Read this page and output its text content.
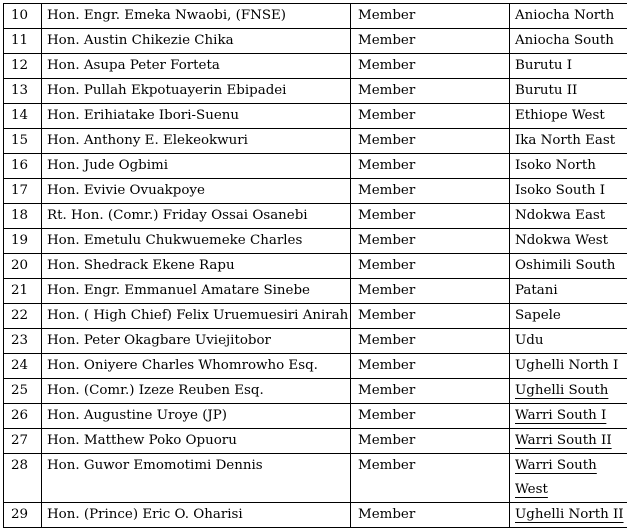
10	Hon. Engr. Emeka Nwaobi, (FNSE)	Member	Aniocha North
11	Hon. Austin Chikezie Chika	Member	Aniocha South
12	Hon. Asupa Peter Forteta	Member	Burutu I
13	Hon. Pullah Ekpotuayerin Ebipadei	Member	Burutu II
14	Hon. Erihiatake Ibori-Suenu	Member	Ethiope West
15	Hon. Anthony E. Elekeokwuri	Member	Ika North East
16	Hon. Jude Ogbimi	Member	Isoko North
17	Hon. Evivie Ovuakpoye	Member	Isoko South I
18	Rt. Hon. (Comr.) Friday Ossai Osanebi	Member	Ndokwa East
19	Hon. Emetulu Chukwuemeke Charles	Member	Ndokwa West
20	Hon. Shedrack Ekene Rapu	Member	Oshimili South
21	Hon. Engr. Emmanuel Amatare Sinebe	Member	Patani
22	Hon. ( High Chief) Felix Uruemuesiri Anirah	Member	Sapele
23	Hon. Peter Okagbare Uviejitobor	Member	Udu
24	Hon. Oniyere Charles Whomrowho Esq.	Member	Ughelli North I
25	Hon. (Comr.) Izeze Reuben Esq.	Member	Ughelli South
26	Hon. Augustine Uroye (JP)	Member	Warri South I
27	Hon. Matthew Poko Opuoru	Member	Warri South II
28	Hon. Guwor Emomotimi Dennis	Member	Warri South West
29	Hon. (Prince) Eric O. Oharisi	Member	Ughelli North II
